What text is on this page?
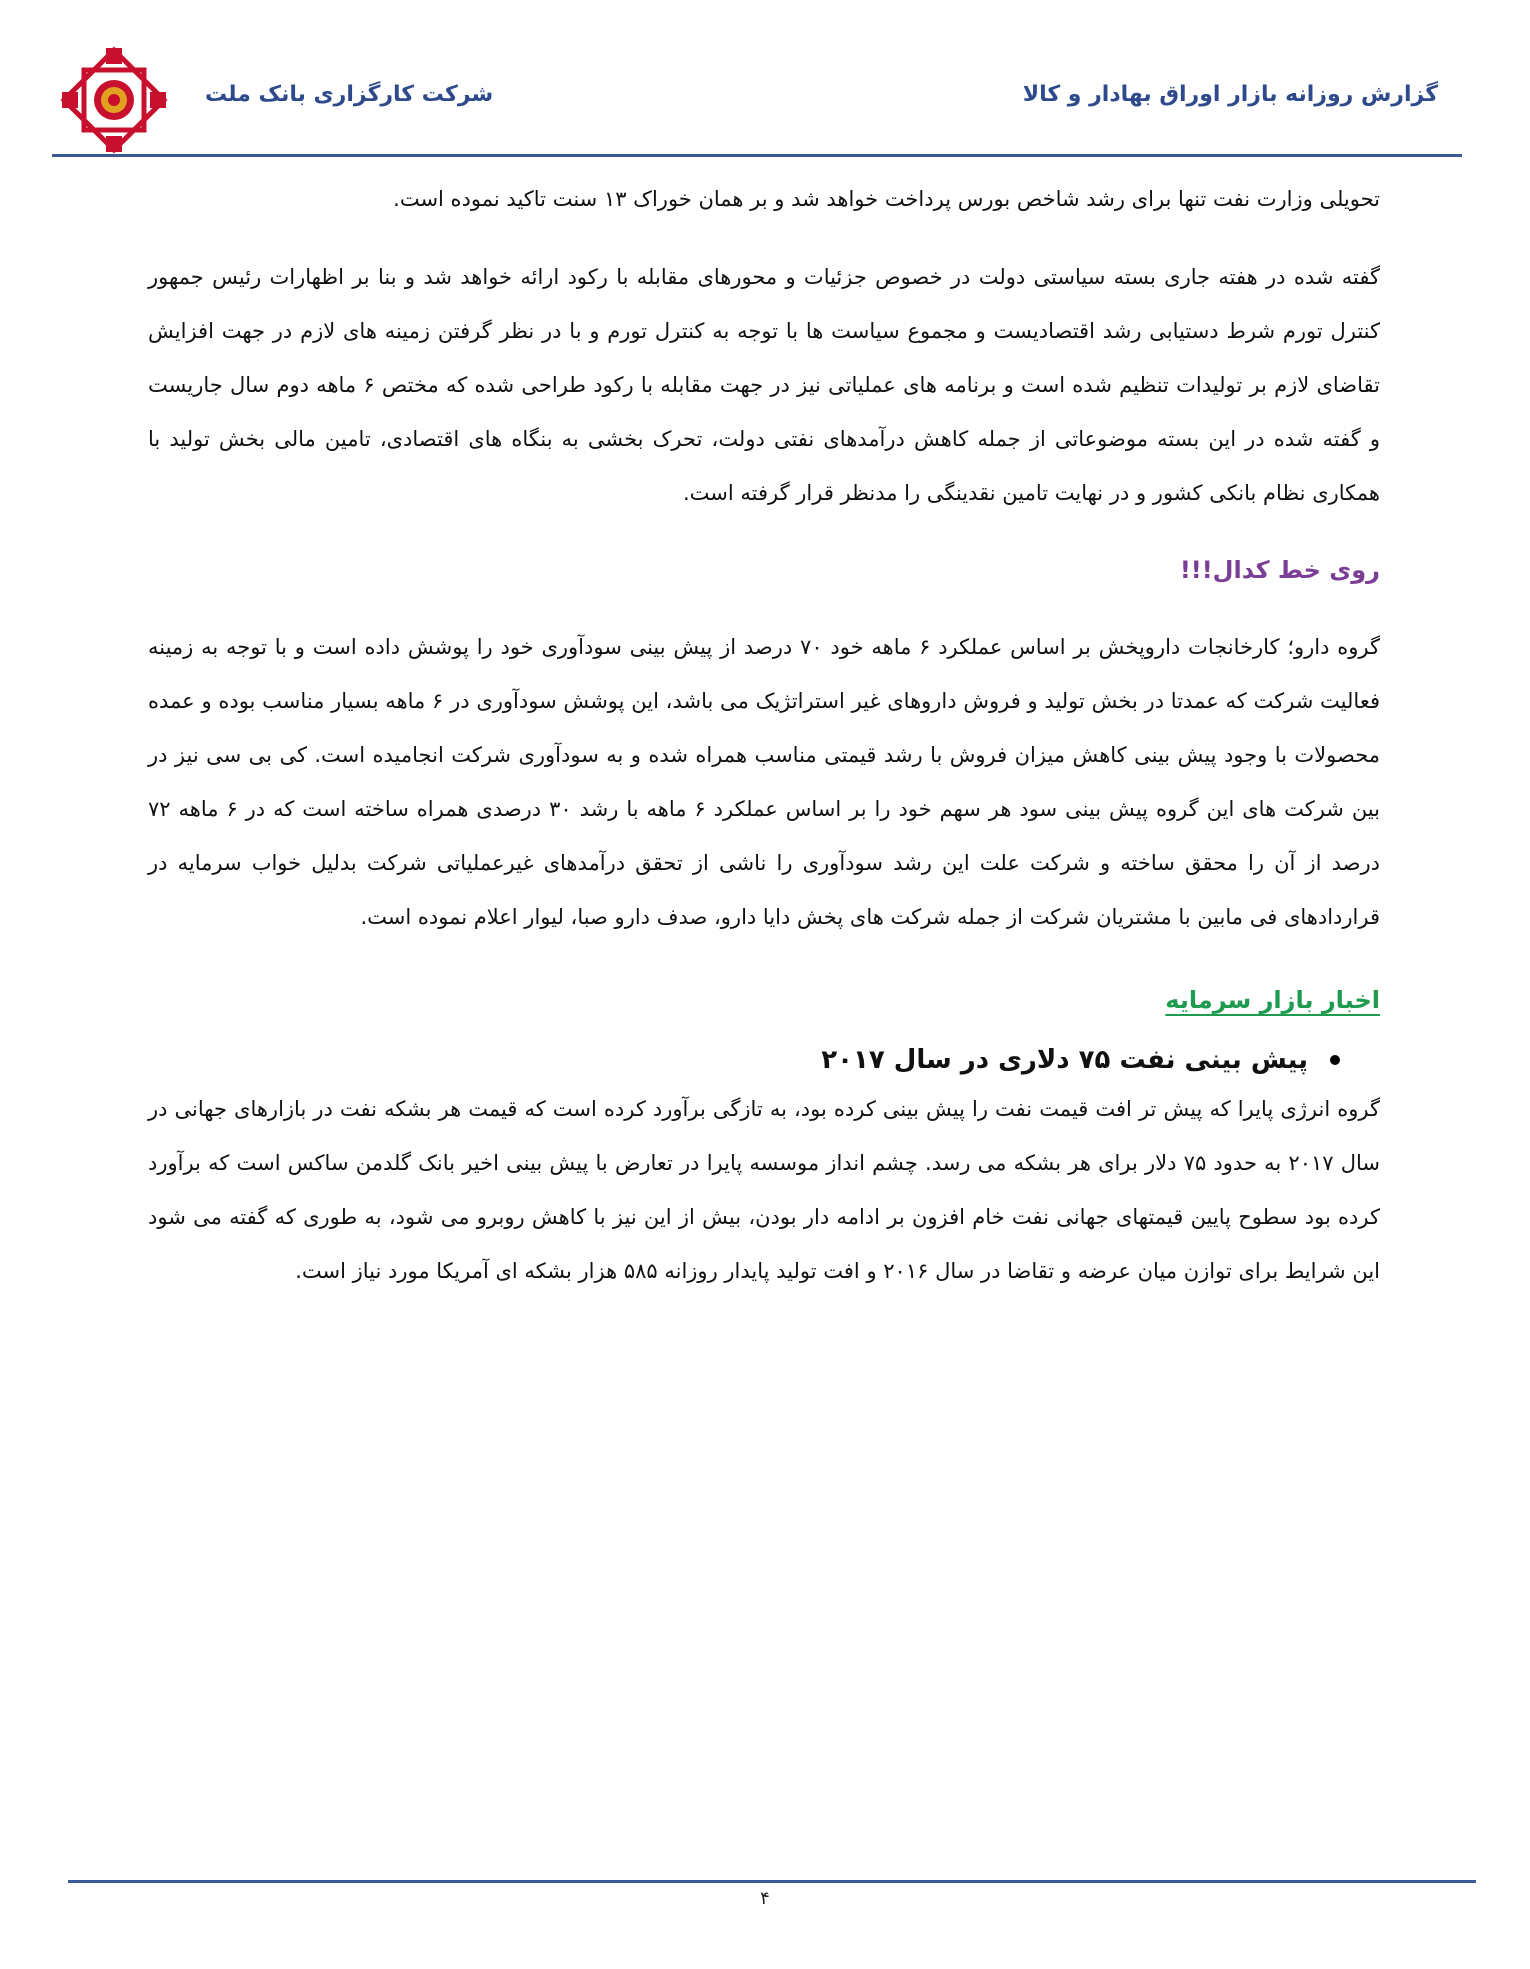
شرکت کارگزاری بانک ملت	گزارش روزانه بازار اوراق بهادار و کالا

تحویلی وزارت نفت تنها برای رشد شاخص بورس پرداخت خواهد شد و بر همان خوراک ۱۳ سنت تاکید نموده است.

گفته شده در هفته جاری بسته سیاستی دولت در خصوص جزئیات و محورهای مقابله با رکود ارائه خواهد شد و بنا بر اظهارات رئیس جمهور کنترل تورم شرط دستیابی رشد اقتصادیست و مجموع سیاست ها با توجه به کنترل تورم و با در نظر گرفتن زمینه های لازم در جهت افزایش تقاضای لازم بر تولیدات تنظیم شده است و برنامه های عملیاتی نیز در جهت مقابله با رکود طراحی شده که مختص ۶ ماهه دوم سال جاریست و گفته شده در این بسته موضوعاتی از جمله کاهش درآمدهای نفتی دولت، تحرک بخشی به بنگاه های اقتصادی، تامین مالی بخش تولید با همکاری نظام بانکی کشور و در نهایت تامین نقدینگی را مدنظر قرار گرفته است.

روی خط کدال!!!

گروه دارو؛ کارخانجات داروپخش بر اساس عملکرد ۶ ماهه خود ۷۰ درصد از پیش بینی سودآوری خود را پوشش داده است و با توجه به زمینه فعالیت شرکت که عمدتا در بخش تولید و فروش داروهای غیر استراتژیک می باشد، این پوشش سودآوری در ۶ ماهه بسیار مناسب بوده و عمده محصولات با وجود پیش بینی کاهش میزان فروش با رشد قیمتی مناسب همراه شده و به سودآوری شرکت انجامیده است. کی بی سی نیز در بین شرکت های این گروه پیش بینی سود هر سهم خود را بر اساس عملکرد ۶ ماهه با رشد ۳۰ درصدی همراه ساخته است که در ۶ ماهه ۷۲ درصد از آن را محقق ساخته و شرکت علت این رشد سودآوری را ناشی از تحقق درآمدهای غیرعملیاتی شرکت بدلیل خواب سرمایه در قراردادهای فی مابین با مشتریان شرکت از جمله شرکت های پخش دایا دارو، صدف دارو صبا، لیوار اعلام نموده است.

اخبار بازار سرمایه

پیش بینی نفت ۷۵ دلاری در سال ۲۰۱۷

گروه انرژی پایرا که پیش تر افت قیمت نفت را پیش بینی کرده بود، به تازگی برآورد کرده است که قیمت هر بشکه نفت در بازارهای جهانی در سال ۲۰۱۷ به حدود ۷۵ دلار برای هر بشکه می رسد. چشم انداز موسسه پایرا در تعارض با پیش بینی اخیر بانک گلدمن ساکس است که برآورد کرده بود سطوح پایین قیمتهای جهانی نفت خام افزون بر ادامه دار بودن، بیش از این نیز با کاهش روبرو می شود، به طوری که گفته می شود این شرایط برای توازن میان عرضه و تقاضا در سال ۲۰۱۶ و افت تولید پایدار روزانه ۵۸۵ هزار بشکه ای آمریکا مورد نیاز است.

۴
